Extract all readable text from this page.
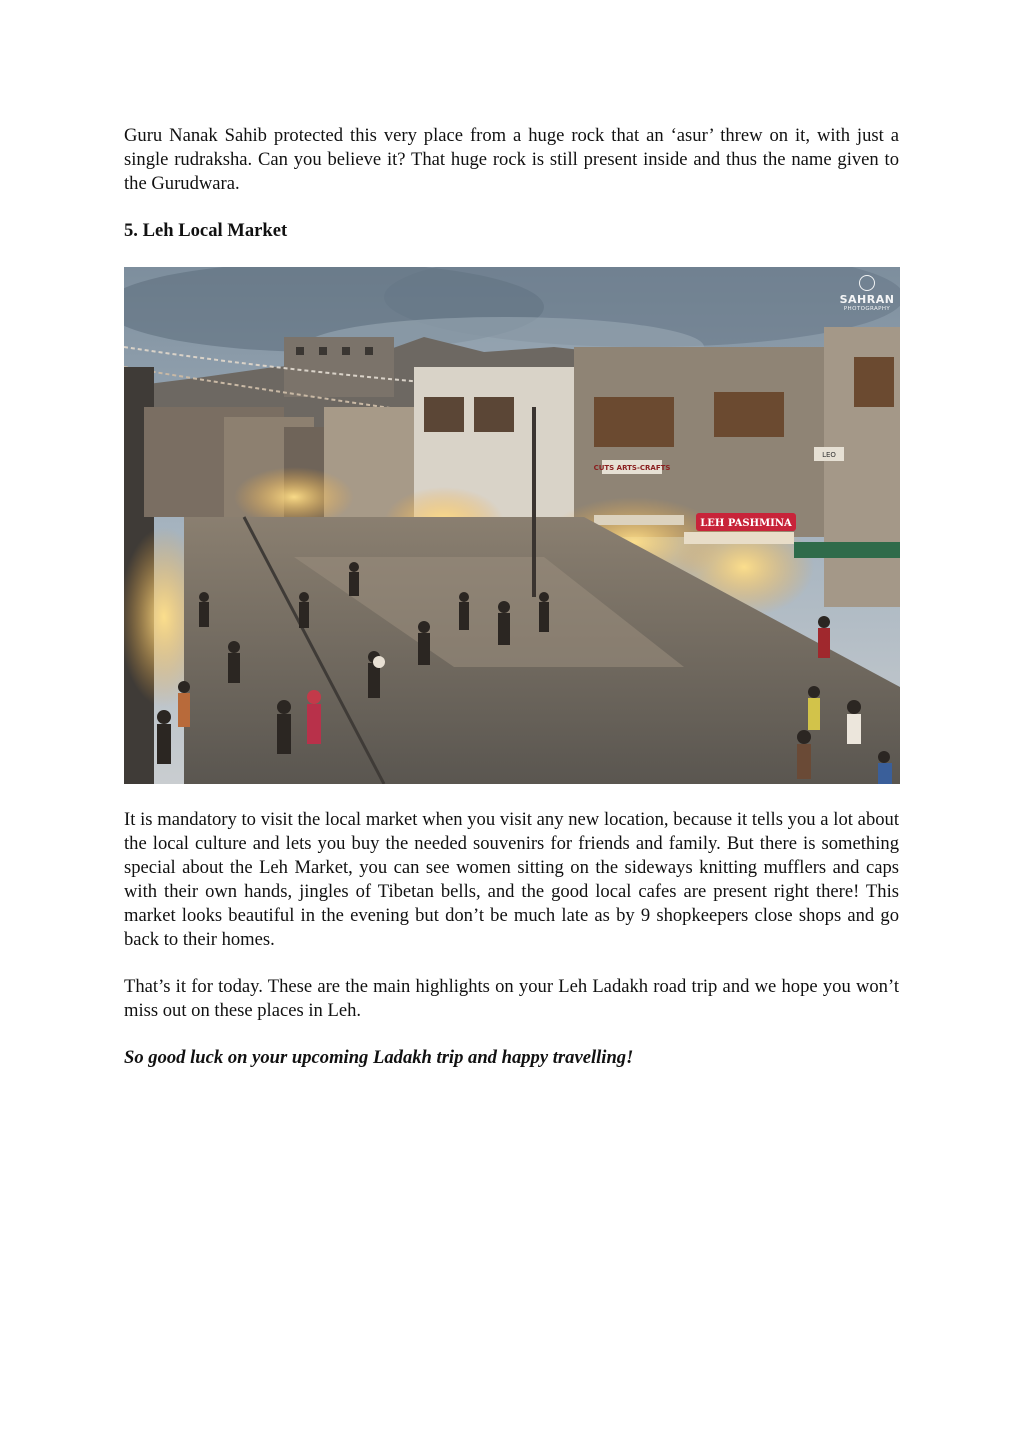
Guru Nanak Sahib protected this very place from a huge rock that an ‘asur’ threw on it, with just a single rudraksha. Can you believe it? That huge rock is still present inside and thus the name given to the Gurudwara.

5. Leh Local Market
CUTS ARTS-CRAFTS
LEH PASHMINA
LEO
SAHRAN
PHOTOGRAPHY

It is mandatory to visit the local market when you visit any new location, because it tells you a lot about the local culture and lets you buy the needed souvenirs for friends and family. But there is something special about the Leh Market, you can see women sitting on the sideways knitting mufflers and caps with their own hands, jingles of Tibetan bells, and the good local cafes are present right there! This market looks beautiful in the evening but don’t be much late as by 9 shopkeepers close shops and go back to their homes.

That’s it for today. These are the main highlights on your Leh Ladakh road trip and we hope you won’t miss out on these places in Leh.

So good luck on your upcoming Ladakh trip and happy travelling!
